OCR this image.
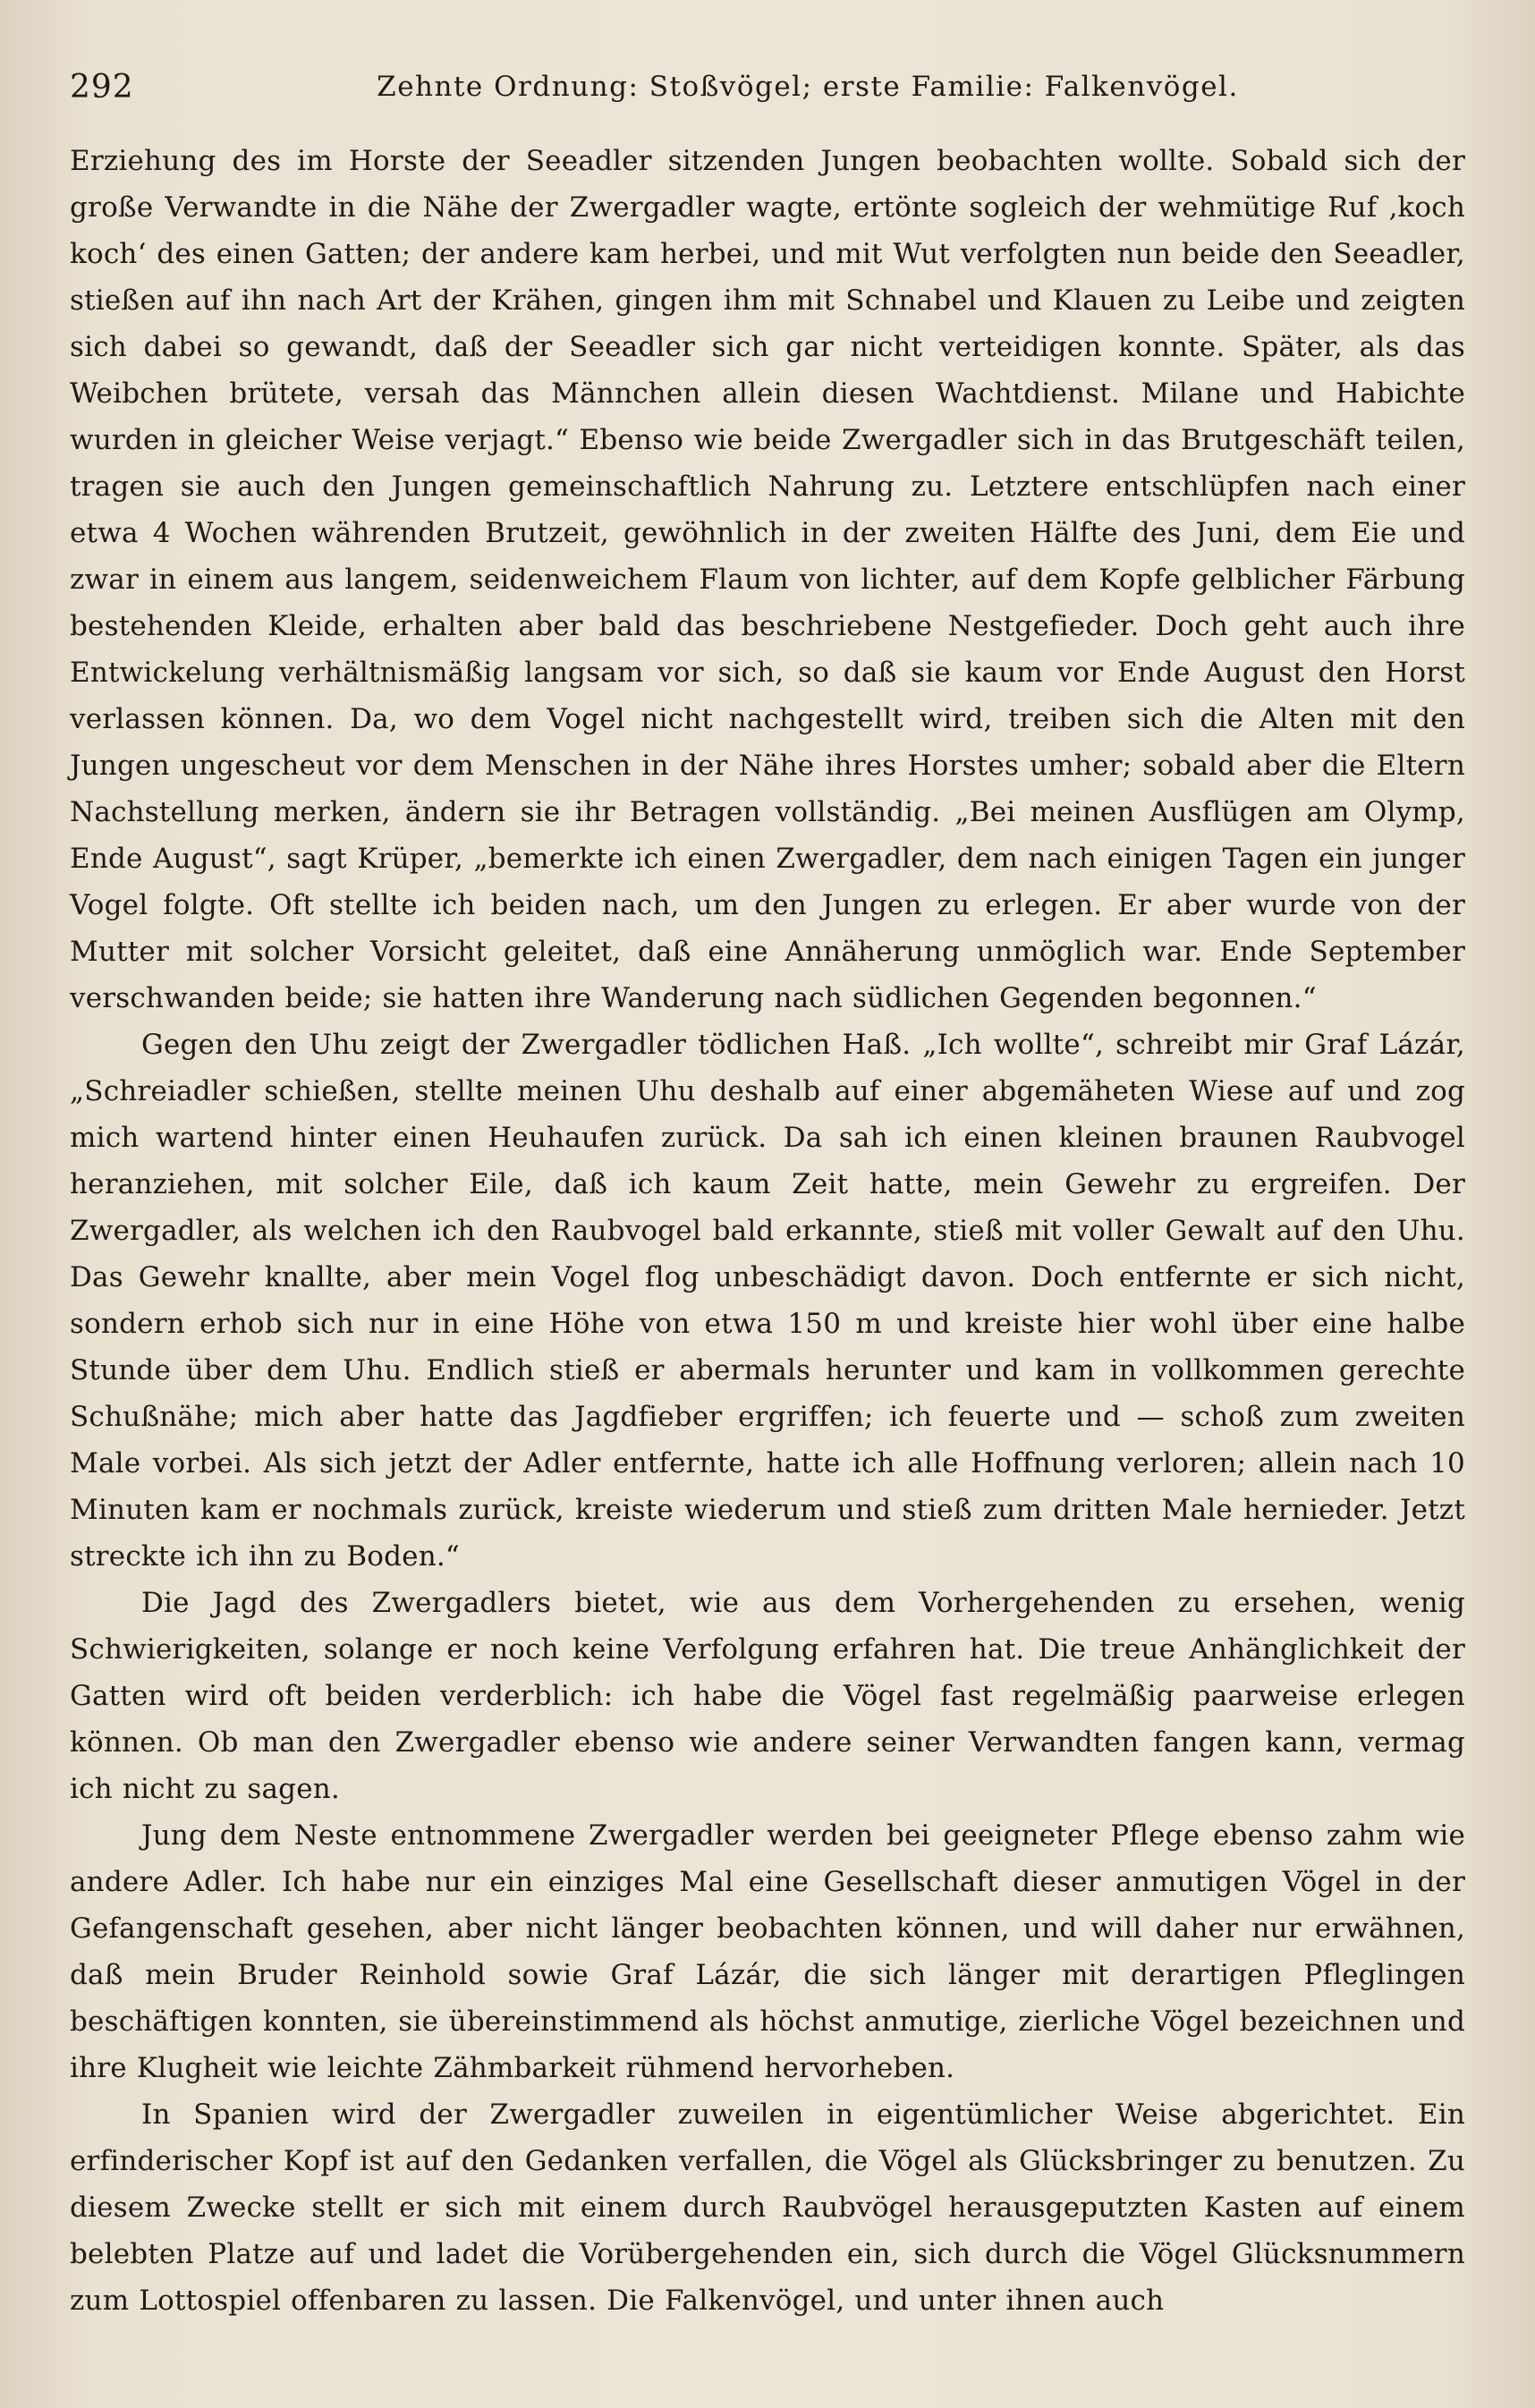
292	Zehnte Ordnung: Stoßvögel; erste Familie: Falkenvögel.

Erziehung des im Horste der Seeadler sitzenden Jungen beobachten wollte. Sobald sich der große Verwandte in die Nähe der Zwergadler wagte, ertönte sogleich der wehmütige Ruf ‚koch koch‘ des einen Gatten; der andere kam herbei, und mit Wut verfolgten nun beide den Seeadler, stießen auf ihn nach Art der Krähen, gingen ihm mit Schnabel und Klauen zu Leibe und zeigten sich dabei so gewandt, daß der Seeadler sich gar nicht verteidigen konnte. Später, als das Weibchen brütete, versah das Männchen allein diesen Wachtdienst. Milane und Habichte wurden in gleicher Weise verjagt.“ Ebenso wie beide Zwergadler sich in das Brutgeschäft teilen, tragen sie auch den Jungen gemeinschaftlich Nahrung zu. Letztere entschlüpfen nach einer etwa 4 Wochen währenden Brutzeit, gewöhnlich in der zweiten Hälfte des Juni, dem Eie und zwar in einem aus langem, seidenweichem Flaum von lichter, auf dem Kopfe gelblicher Färbung bestehenden Kleide, erhalten aber bald das beschriebene Nestgefieder. Doch geht auch ihre Entwickelung verhältnismäßig langsam vor sich, so daß sie kaum vor Ende August den Horst verlassen können. Da, wo dem Vogel nicht nachgestellt wird, treiben sich die Alten mit den Jungen ungescheut vor dem Menschen in der Nähe ihres Horstes umher; sobald aber die Eltern Nachstellung merken, ändern sie ihr Betragen vollständig. „Bei meinen Ausflügen am Olymp, Ende August“, sagt Krüper, „bemerkte ich einen Zwergadler, dem nach einigen Tagen ein junger Vogel folgte. Oft stellte ich beiden nach, um den Jungen zu erlegen. Er aber wurde von der Mutter mit solcher Vorsicht geleitet, daß eine Annäherung unmöglich war. Ende September verschwanden beide; sie hatten ihre Wanderung nach südlichen Gegenden begonnen.“

Gegen den Uhu zeigt der Zwergadler tödlichen Haß. „Ich wollte“, schreibt mir Graf Lázár, „Schreiadler schießen, stellte meinen Uhu deshalb auf einer abgemäheten Wiese auf und zog mich wartend hinter einen Heuhaufen zurück. Da sah ich einen kleinen braunen Raubvogel heranziehen, mit solcher Eile, daß ich kaum Zeit hatte, mein Gewehr zu ergreifen. Der Zwergadler, als welchen ich den Raubvogel bald erkannte, stieß mit voller Gewalt auf den Uhu. Das Gewehr knallte, aber mein Vogel flog unbeschädigt davon. Doch entfernte er sich nicht, sondern erhob sich nur in eine Höhe von etwa 150 m und kreiste hier wohl über eine halbe Stunde über dem Uhu. Endlich stieß er abermals herunter und kam in vollkommen gerechte Schußnähe; mich aber hatte das Jagdfieber ergriffen; ich feuerte und — schoß zum zweiten Male vorbei. Als sich jetzt der Adler entfernte, hatte ich alle Hoffnung verloren; allein nach 10 Minuten kam er nochmals zurück, kreiste wiederum und stieß zum dritten Male hernieder. Jetzt streckte ich ihn zu Boden.“

Die Jagd des Zwergadlers bietet, wie aus dem Vorhergehenden zu ersehen, wenig Schwierigkeiten, solange er noch keine Verfolgung erfahren hat. Die treue Anhänglichkeit der Gatten wird oft beiden verderblich: ich habe die Vögel fast regelmäßig paarweise erlegen können. Ob man den Zwergadler ebenso wie andere seiner Verwandten fangen kann, vermag ich nicht zu sagen.

Jung dem Neste entnommene Zwergadler werden bei geeigneter Pflege ebenso zahm wie andere Adler. Ich habe nur ein einziges Mal eine Gesellschaft dieser anmutigen Vögel in der Gefangenschaft gesehen, aber nicht länger beobachten können, und will daher nur erwähnen, daß mein Bruder Reinhold sowie Graf Lázár, die sich länger mit derartigen Pfleglingen beschäftigen konnten, sie übereinstimmend als höchst anmutige, zierliche Vögel bezeichnen und ihre Klugheit wie leichte Zähmbarkeit rühmend hervorheben.

In Spanien wird der Zwergadler zuweilen in eigentümlicher Weise abgerichtet. Ein erfinderischer Kopf ist auf den Gedanken verfallen, die Vögel als Glücksbringer zu benutzen. Zu diesem Zwecke stellt er sich mit einem durch Raubvögel herausgeputzten Kasten auf einem belebten Platze auf und ladet die Vorübergehenden ein, sich durch die Vögel Glücksnummern zum Lottospiel offenbaren zu lassen. Die Falkenvögel, und unter ihnen auch
